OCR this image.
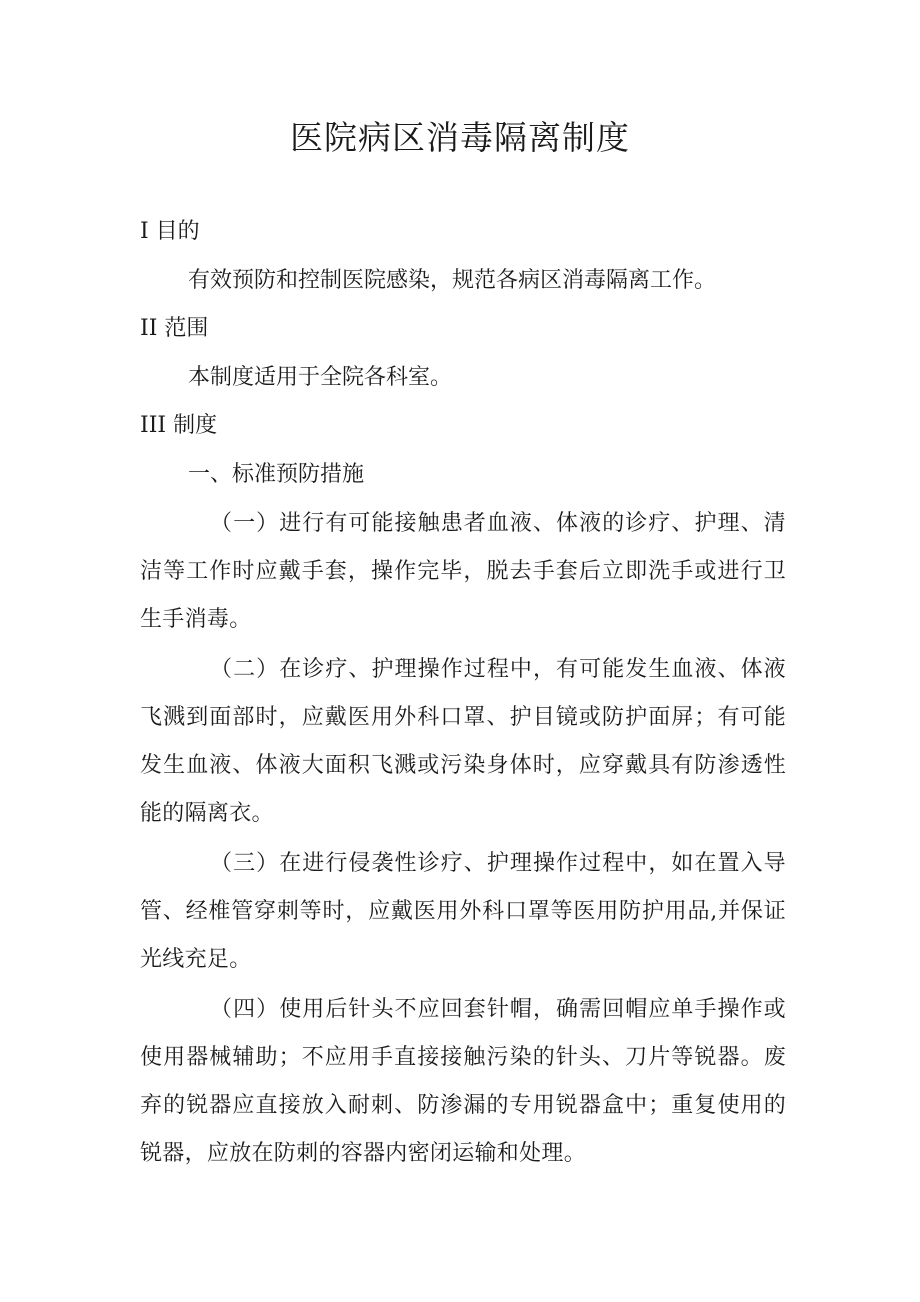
医院病区消毒隔离制度

I 目的

有效预防和控制医院感染，规范各病区消毒隔离工作。

II 范围

本制度适用于全院各科室。

III 制度

一、标准预防措施

（一）进行有可能接触患者血液、体液的诊疗、护理、清洁等工作时应戴手套，操作完毕，脱去手套后立即洗手或进行卫生手消毒。

（二）在诊疗、护理操作过程中，有可能发生血液、体液飞溅到面部时，应戴医用外科口罩、护目镜或防护面屏；有可能发生血液、体液大面积飞溅或污染身体时，应穿戴具有防渗透性能的隔离衣。

（三）在进行侵袭性诊疗、护理操作过程中，如在置入导管、经椎管穿刺等时，应戴医用外科口罩等医用防护用品,并保证光线充足。

（四）使用后针头不应回套针帽，确需回帽应单手操作或使用器械辅助；不应用手直接接触污染的针头、刀片等锐器。废弃的锐器应直接放入耐刺、防渗漏的专用锐器盒中；重复使用的锐器，应放在防刺的容器内密闭运输和处理。
